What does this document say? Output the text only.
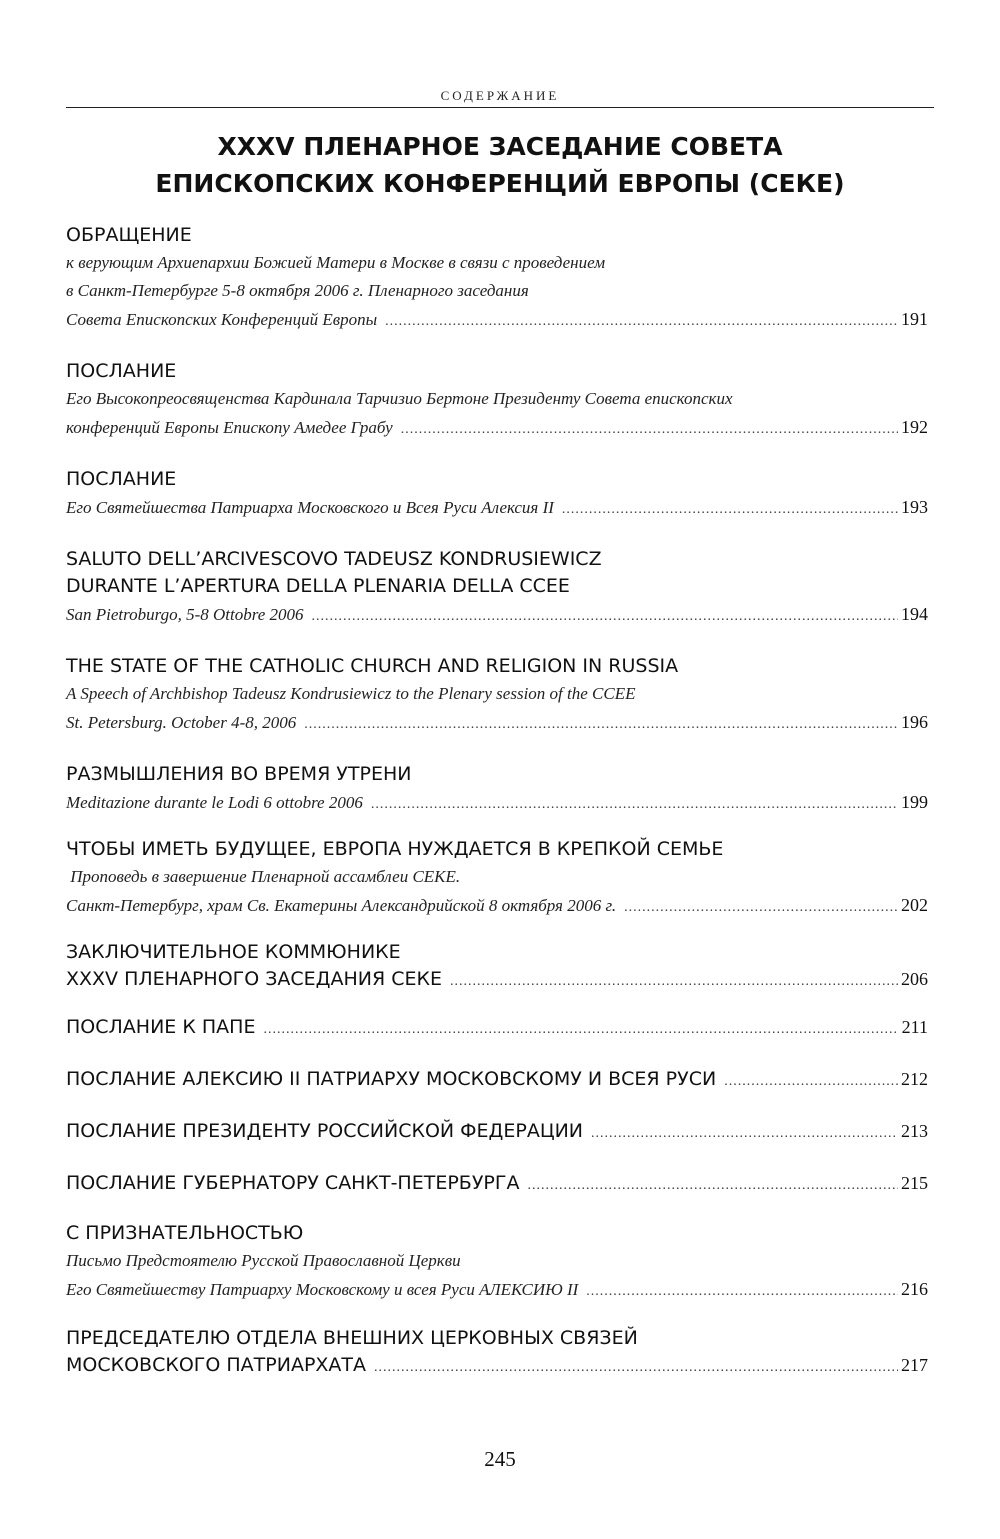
СОДЕРЖАНИЕ
XXXV ПЛЕНАРНОЕ ЗАСЕДАНИЕ СОВЕТА
ЕПИСКОПСКИХ КОНФЕРЕНЦИЙ ЕВРОПЫ (СЕКЕ)
ОБРАЩЕНИЕ
к верующим Архиепархии Божией Матери в Москве в связи с проведением
в Санкт-Петербурге 5-8 октября 2006 г. Пленарного заседания
Совета Епископских Конференций Европы .....	191
ПОСЛАНИЕ
Его Высокопреосвященства Кардинала Тарчизио Бертоне Президенту Совета епископских
конференций Европы Епископу Амедее Грабу .....	192
ПОСЛАНИЕ
Его Святейшества Патриарха Московского и Всея Руси Алексия II .....	193
SALUTO DELL’ARCIVESCOVO TADEUSZ KONDRUSIEWICZ
DURANTE L’APERTURA DELLA PLENARIA DELLA CCEE
San Pietroburgo, 5-8 Ottobre 2006 .....	194
THE STATE OF THE CATHOLIC CHURCH AND RELIGION IN RUSSIA
A Speech of Archbishop Tadeusz Kondrusiewicz to the Plenary session of the CCEE
St. Petersburg. October 4-8, 2006 .....	196
РАЗМЫШЛЕНИЯ ВО ВРЕМЯ УТРЕНИ
Meditazione durante le Lodi 6 ottobre 2006 .....	199
ЧТОБЫ ИМЕТЬ БУДУЩЕЕ, ЕВРОПА НУЖДАЕТСЯ В КРЕПКОЙ СЕМЬЕ
Проповедь в завершение Пленарной ассамблеи СЕКЕ.
Санкт-Петербург, храм Св. Екатерины Александрийской 8 октября 2006 г. .....	202
ЗАКЛЮЧИТЕЛЬНОЕ КОММЮНИКЕ
XXXV ПЛЕНАРНОГО ЗАСЕДАНИЯ СЕКЕ .....	206
ПОСЛАНИЕ К ПАПЕ .....	211
ПОСЛАНИЕ АЛЕКСИЮ II ПАТРИАРХУ МОСКОВСКОМУ И ВСЕЯ РУСИ .....	212
ПОСЛАНИЕ ПРЕЗИДЕНТУ РОССИЙСКОЙ ФЕДЕРАЦИИ .....	213
ПОСЛАНИЕ ГУБЕРНАТОРУ САНКТ-ПЕТЕРБУРГА .....	215
С ПРИЗНАТЕЛЬНОСТЬЮ
Письмо Предстоятелю Русской Православной Церкви
Его Святейшеству Патриарху Московскому и всея Руси АЛЕКСИЮ II .....	216
ПРЕДСЕДАТЕЛЮ ОТДЕЛА ВНЕШНИХ ЦЕРКОВНЫХ СВЯЗЕЙ
МОСКОВСКОГО ПАТРИАРХАТА .....	217
245
